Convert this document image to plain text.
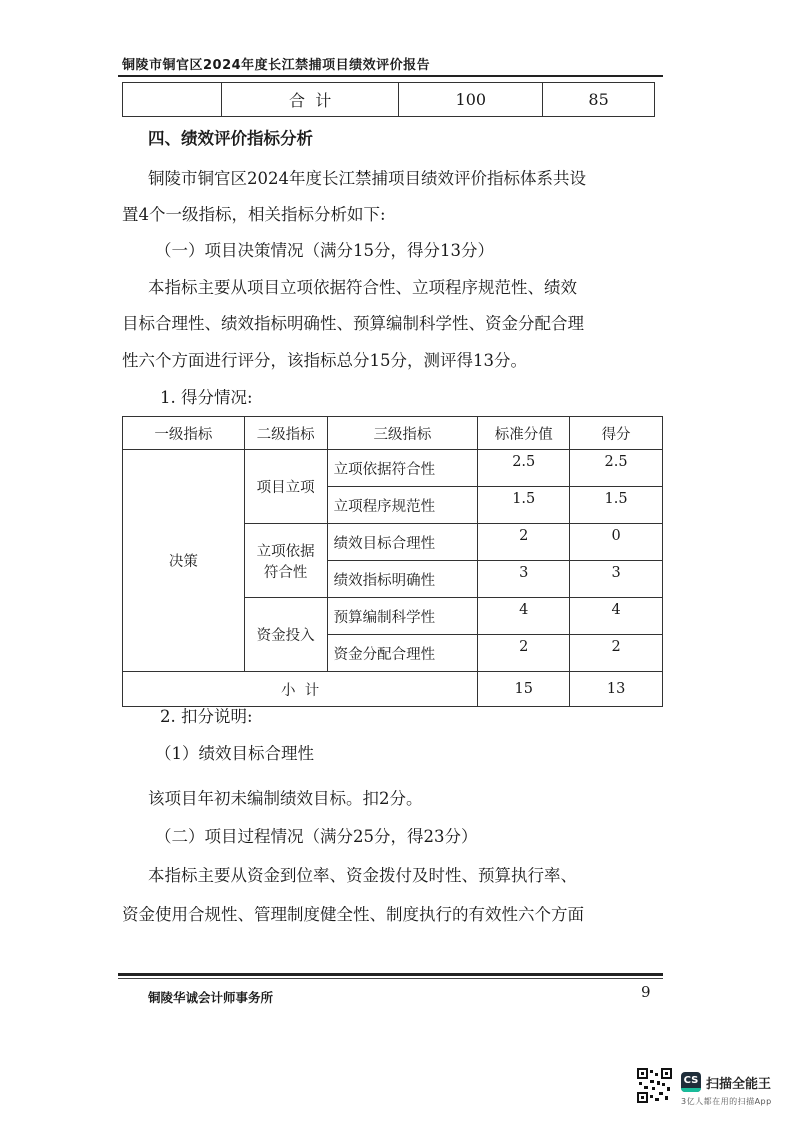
铜陵市铜官区2024年度长江禁捕项目绩效评价报告
	合  计	100	85
四、绩效评价指标分析
铜陵市铜官区2024年度长江禁捕项目绩效评价指标体系共设
置4个一级指标，相关指标分析如下:
（一）项目决策情况（满分15分，得分13分）
本指标主要从项目立项依据符合性、立项程序规范性、绩效
目标合理性、绩效指标明确性、预算编制科学性、资金分配合理
性六个方面进行评分，该指标总分15分，测评得13分。
1. 得分情况:
一级指标	二级指标	三级指标	标准分值	得分
决策	项目立项	立项依据符合性	2.5	2.5
		立项程序规范性	1.5	1.5

	立项依据
符合性	绩效目标合理性	2	0
		绩效指标明确性	3	3
	资金投入	预算编制科学性	4	4
		资金分配合理性	2	2
小  计			15	13
2. 扣分说明:
（1）绩效目标合理性
该项目年初未编制绩效目标。扣2分。
（二）项目过程情况（满分25分，得23分）
本指标主要从资金到位率、资金拨付及时性、预算执行率、
资金使用合规性、管理制度健全性、制度执行的有效性六个方面
铜陵华诚会计师事务所	9
CS 扫描全能王
3亿人都在用的扫描App
